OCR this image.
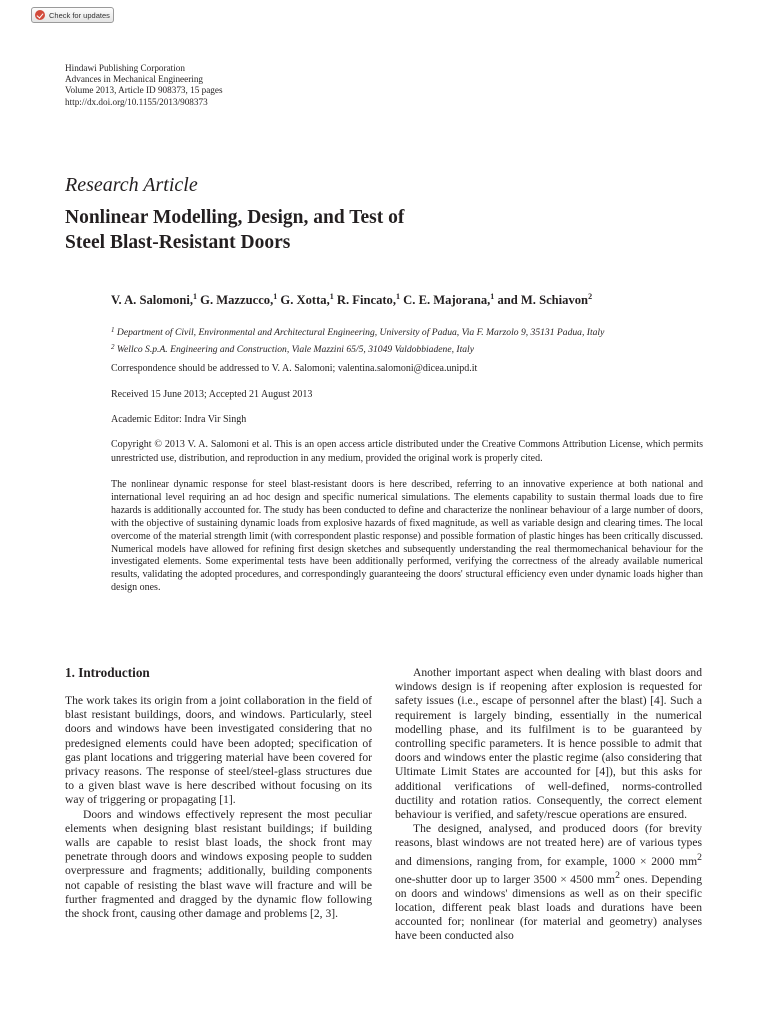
Check for updates
Hindawi Publishing Corporation
Advances in Mechanical Engineering
Volume 2013, Article ID 908373, 15 pages
http://dx.doi.org/10.1155/2013/908373
Research Article
Nonlinear Modelling, Design, and Test of
Steel Blast-Resistant Doors
V. A. Salomoni,$^1$ G. Mazzucco,$^1$ G. Xotta,$^1$ R. Fincato,$^1$ C. E. Majorana,$^1$ and M. Schiavon$^2$
$^1$ Department of Civil, Environmental and Architectural Engineering, University of Padua, Via F. Marzolo 9, 35131 Padua, Italy
$^2$ Wellco S.p.A. Engineering and Construction, Viale Mazzini 65/5, 31049 Valdobbiadene, Italy
Correspondence should be addressed to V. A. Salomoni; valentina.salomoni@dicea.unipd.it
Received 15 June 2013; Accepted 21 August 2013
Academic Editor: Indra Vir Singh
Copyright © 2013 V. A. Salomoni et al. This is an open access article distributed under the Creative Commons Attribution License, which permits unrestricted use, distribution, and reproduction in any medium, provided the original work is properly cited.
The nonlinear dynamic response for steel blast-resistant doors is here described, referring to an innovative experience at both national and international level requiring an ad hoc design and specific numerical simulations. The elements capability to sustain thermal loads due to fire hazards is additionally accounted for. The study has been conducted to define and characterize the nonlinear behaviour of a large number of doors, with the objective of sustaining dynamic loads from explosive hazards of fixed magnitude, as well as variable design and clearing times. The local overcome of the material strength limit (with correspondent plastic response) and possible formation of plastic hinges has been critically discussed. Numerical models have allowed for refining first design sketches and subsequently understanding the real thermomechanical behaviour for the investigated elements. Some experimental tests have been additionally performed, verifying the correctness of the already available numerical results, validating the adopted procedures, and correspondingly guaranteeing the doors' structural efficiency even under dynamic loads higher than design ones.
1. Introduction

The work takes its origin from a joint collaboration in the field of blast resistant buildings, doors, and windows. Particularly, steel doors and windows have been investigated considering that no predesigned elements could have been adopted; specification of gas plant locations and triggering material have been covered for privacy reasons. The response of steel/steel-glass structures due to a given blast wave is here described without focusing on its way of triggering or propagating [1].

Doors and windows effectively represent the most peculiar elements when designing blast resistant buildings; if building walls are capable to resist blast loads, the shock front may penetrate through doors and windows exposing people to sudden overpressure and fragments; additionally, building components not capable of resisting the blast wave will fracture and will be further fragmented and dragged by the dynamic flow following the shock front, causing other damage and problems [2, 3].

Another important aspect when dealing with blast doors and windows design is if reopening after explosion is requested for safety issues (i.e., escape of personnel after the blast) [4]. Such a requirement is largely binding, essentially in the numerical modelling phase, and its fulfilment is to be guaranteed by controlling specific parameters. It is hence possible to admit that doors and windows enter the plastic regime (also considering that Ultimate Limit States are accounted for [4]), but this asks for additional verifications of well-defined, norms-controlled ductility and rotation ratios. Consequently, the correct element behaviour is verified, and safety/rescue operations are ensured.

The designed, analysed, and produced doors (for brevity reasons, blast windows are not treated here) are of various types and dimensions, ranging from, for example, 1000 × 2000 $mm^2$ one-shutter door up to larger 3500 × 4500 $mm^2$ ones. Depending on doors and windows' dimensions as well as on their specific location, different peak blast loads and durations have been accounted for; nonlinear (for material and geometry) analyses have been conducted also
